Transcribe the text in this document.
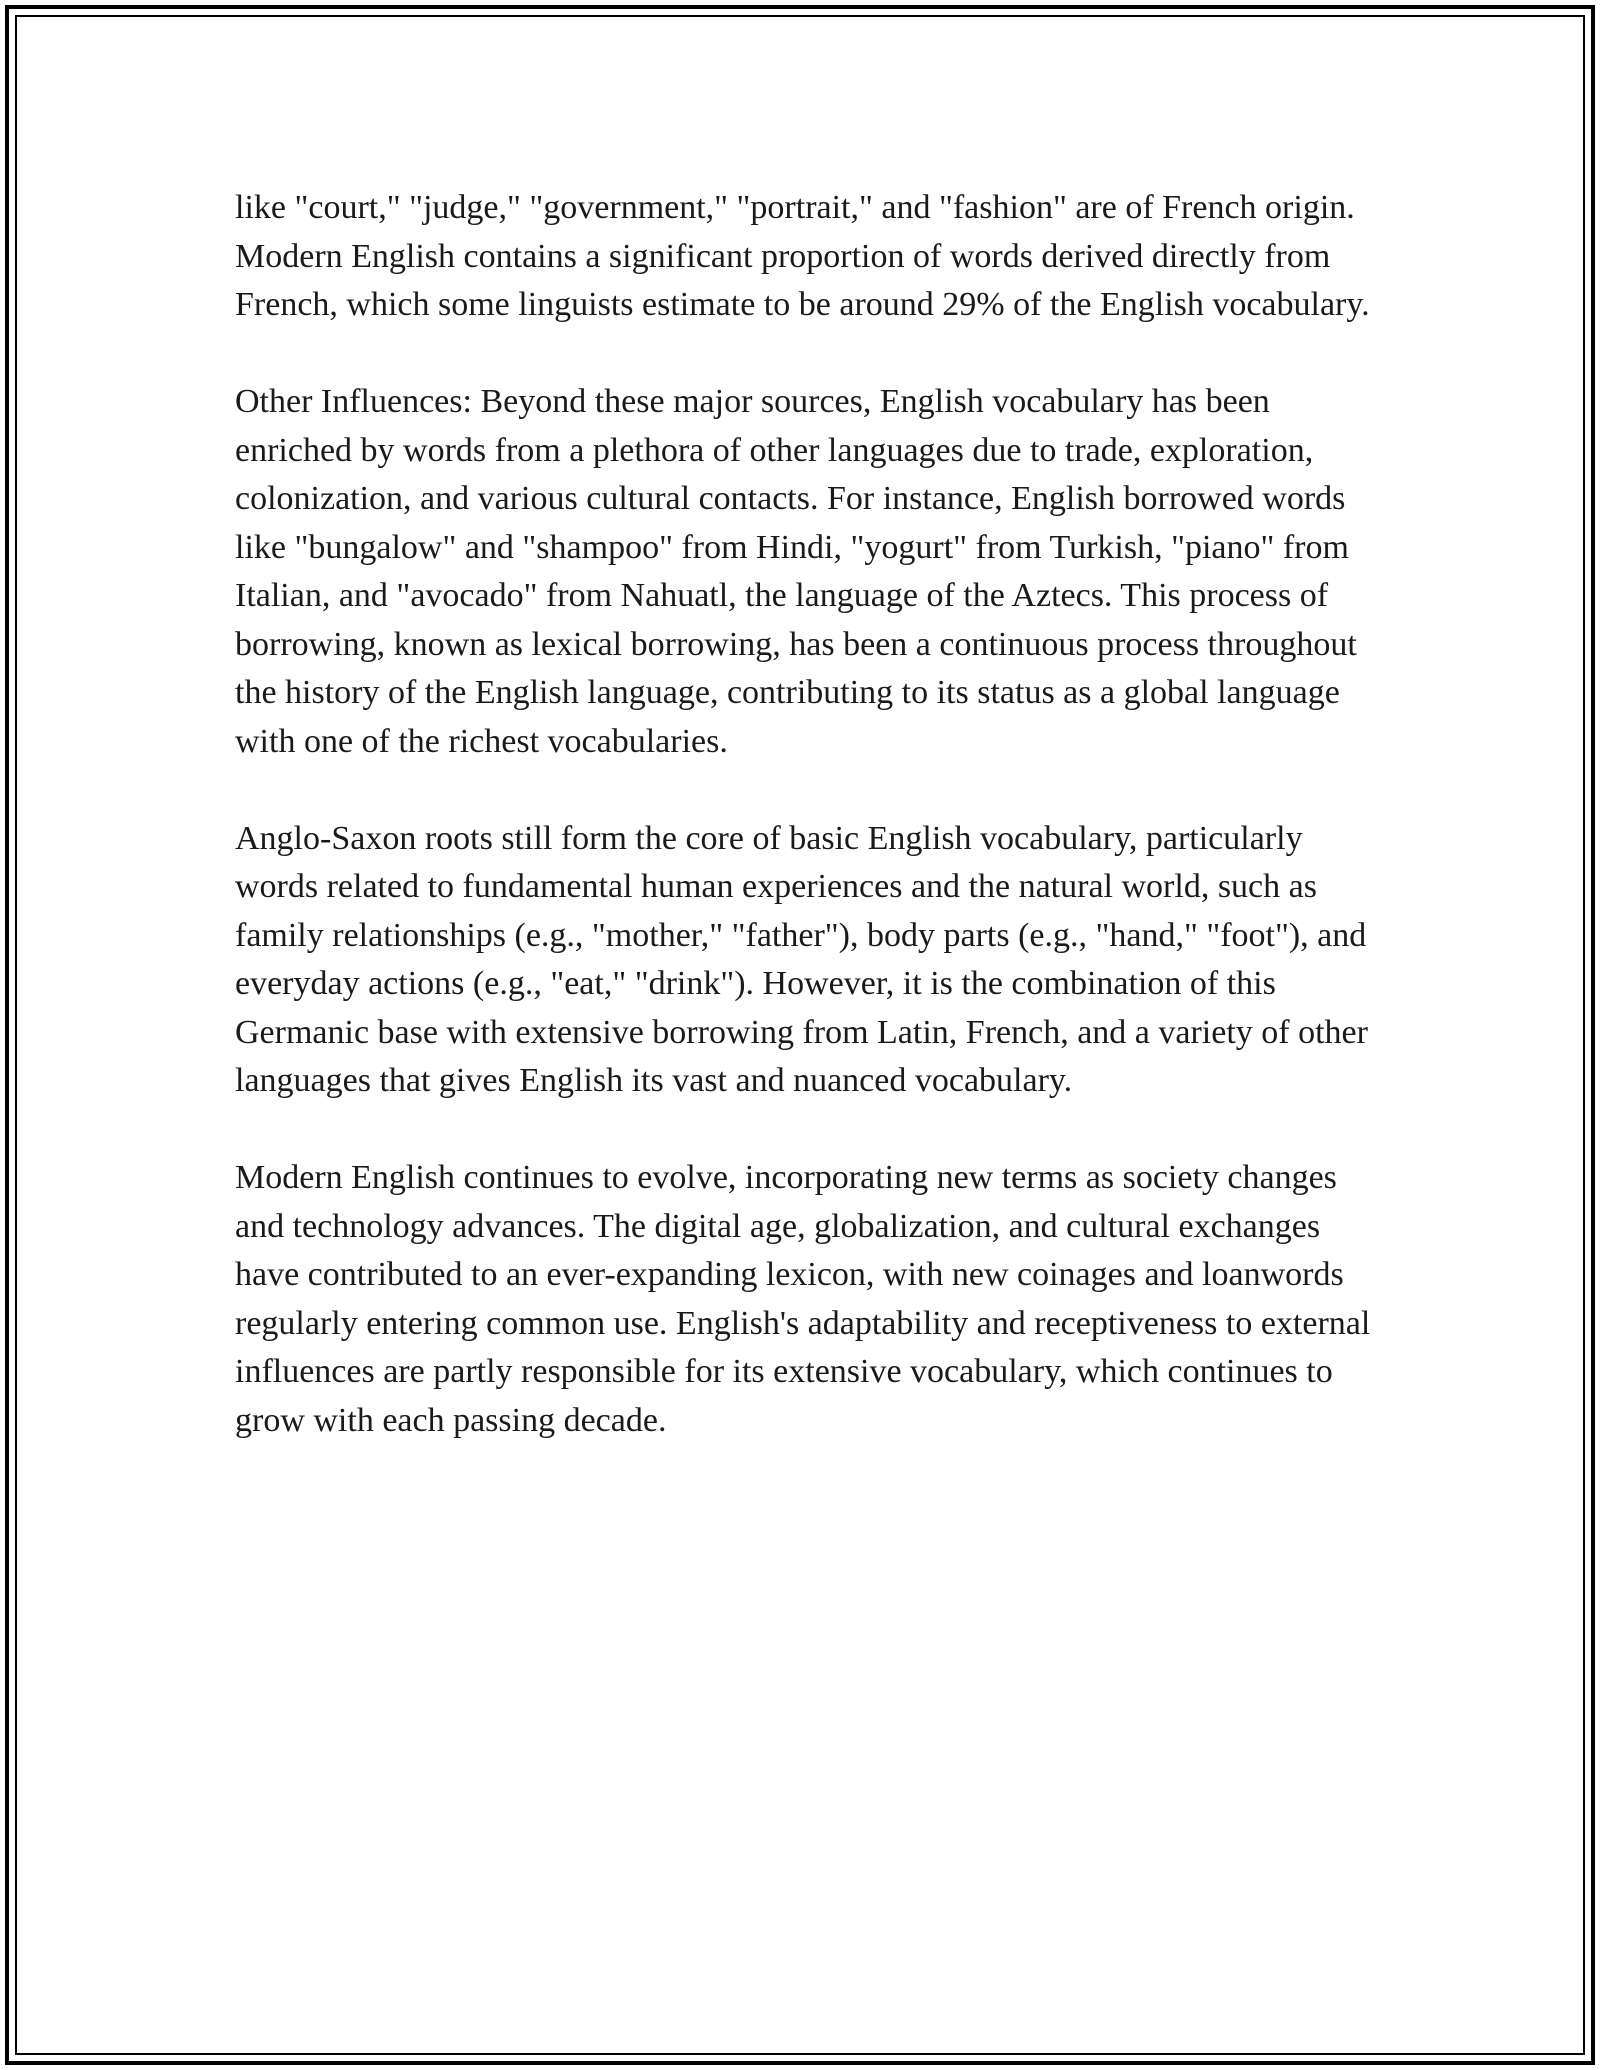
like "court," "judge," "government," "portrait," and "fashion" are of French origin. Modern English contains a significant proportion of words derived directly from French, which some linguists estimate to be around 29% of the English vocabulary.

Other Influences: Beyond these major sources, English vocabulary has been enriched by words from a plethora of other languages due to trade, exploration, colonization, and various cultural contacts. For instance, English borrowed words like "bungalow" and "shampoo" from Hindi, "yogurt" from Turkish, "piano" from Italian, and "avocado" from Nahuatl, the language of the Aztecs. This process of borrowing, known as lexical borrowing, has been a continuous process throughout the history of the English language, contributing to its status as a global language with one of the richest vocabularies.

Anglo-Saxon roots still form the core of basic English vocabulary, particularly words related to fundamental human experiences and the natural world, such as family relationships (e.g., "mother," "father"), body parts (e.g., "hand," "foot"), and everyday actions (e.g., "eat," "drink"). However, it is the combination of this Germanic base with extensive borrowing from Latin, French, and a variety of other languages that gives English its vast and nuanced vocabulary.

Modern English continues to evolve, incorporating new terms as society changes and technology advances. The digital age, globalization, and cultural exchanges have contributed to an ever-expanding lexicon, with new coinages and loanwords regularly entering common use. English's adaptability and receptiveness to external influences are partly responsible for its extensive vocabulary, which continues to grow with each passing decade.
